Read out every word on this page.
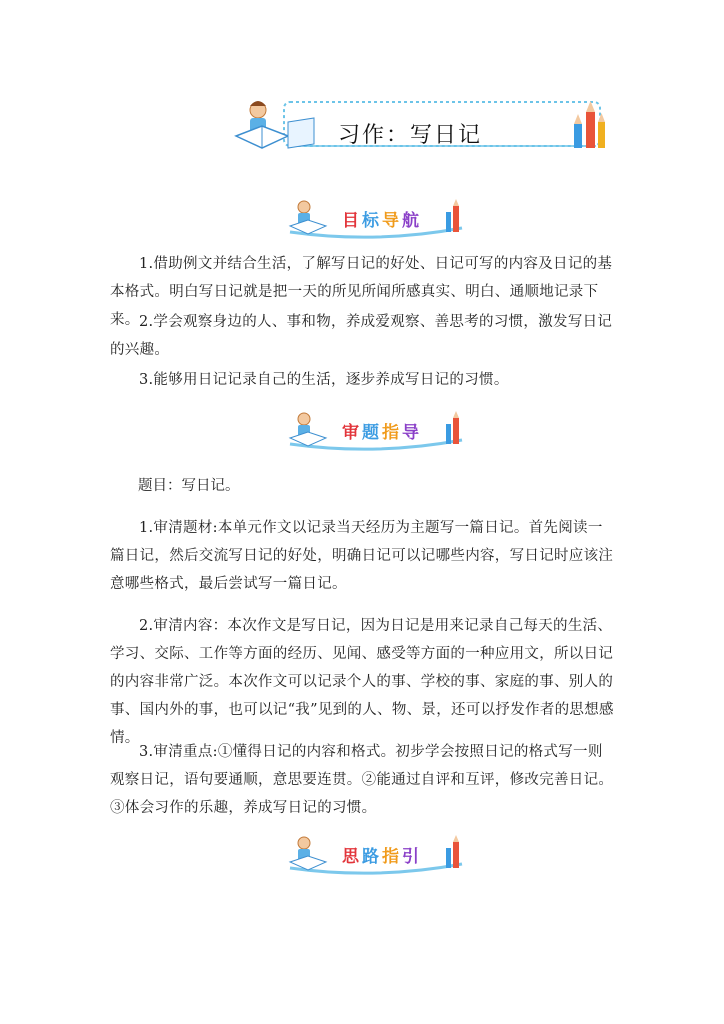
习作：写日记
目标导航

1.借助例文并结合生活，了解写日记的好处、日记可写的内容及日记的基本格式。明白写日记就是把一天的所见所闻所感真实、明白、通顺地记录下来。 2.学会观察身边的人、事和物，养成爱观察、善思考的习惯，激发写日记的兴趣。

3.能够用日记记录自己的生活，逐步养成写日记的习惯。

审题指导

题目：写日记。

1.审清题材:本单元作文以记录当天经历为主题写一篇日记。首先阅读一篇日记，然后交流写日记的好处，明确日记可以记哪些内容，写日记时应该注意哪些格式，最后尝试写一篇日记。

2.审清内容：本次作文是写日记，因为日记是用来记录自己每天的生活、学习、交际、工作等方面的经历、见闻、感受等方面的一种应用文，所以日记的内容非常广泛。本次作文可以记录个人的事、学校的事、家庭的事、别人的事、国内外的事，也可以记“我”见到的人、物、景，还可以抒发作者的思想感情。

3.审清重点:①懂得日记的内容和格式。初步学会按照日记的格式写一则观察日记，语句要通顺，意思要连贯。②能通过自评和互评，修改完善日记。③体会习作的乐趣，养成写日记的习惯。

思路指引
